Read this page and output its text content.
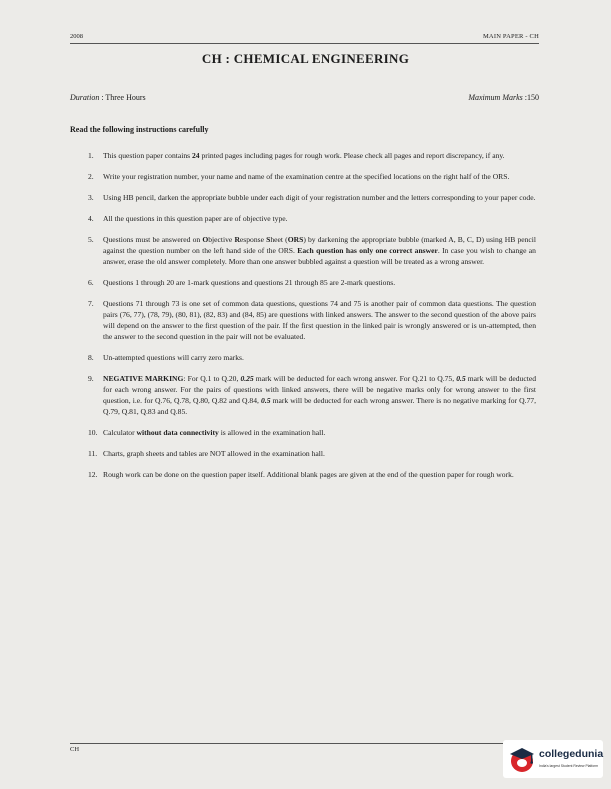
2008	MAIN PAPER - CH
CH : CHEMICAL ENGINEERING
Duration : Three Hours	Maximum Marks :150
Read the following instructions carefully
1.	This question paper contains 24 printed pages including pages for rough work. Please check all pages and report discrepancy, if any.
2.	Write your registration number, your name and name of the examination centre at the specified locations on the right half of the ORS.
3.	Using HB pencil, darken the appropriate bubble under each digit of your registration number and the letters corresponding to your paper code.
4.	All the questions in this question paper are of objective type.
5.	Questions must be answered on Objective Response Sheet (ORS) by darkening the appropriate bubble (marked A, B, C, D) using HB pencil against the question number on the left hand side of the ORS. Each question has only one correct answer. In case you wish to change an answer, erase the old answer completely. More than one answer bubbled against a question will be treated as a wrong answer.
6.	Questions 1 through 20 are 1-mark questions and questions 21 through 85 are 2-mark questions.
7.	Questions 71 through 73 is one set of common data questions, questions 74 and 75 is another pair of common data questions. The question pairs (76, 77), (78, 79), (80, 81), (82, 83) and (84, 85) are questions with linked answers. The answer to the second question of the above pairs will depend on the answer to the first question of the pair. If the first question in the linked pair is wrongly answered or is un-attempted, then the answer to the second question in the pair will not be evaluated.
8.	Un-attempted questions will carry zero marks.
9.	NEGATIVE MARKING: For Q.1 to Q.20, 0.25 mark will be deducted for each wrong answer. For Q.21 to Q.75, 0.5 mark will be deducted for each wrong answer. For the pairs of questions with linked answers, there will be negative marks only for wrong answer to the first question, i.e. for Q.76, Q.78, Q.80, Q.82 and Q.84, 0.5 mark will be deducted for each wrong answer. There is no negative marking for Q.77, Q.79, Q.81, Q.83 and Q.85.
10. Calculator without data connectivity is allowed in the examination hall.
11. Charts, graph sheets and tables are NOT allowed in the examination hall.
12. Rough work can be done on the question paper itself. Additional blank pages are given at the end of the question paper for rough work.
CH	collegedunia
India's largest Student Review Platform
